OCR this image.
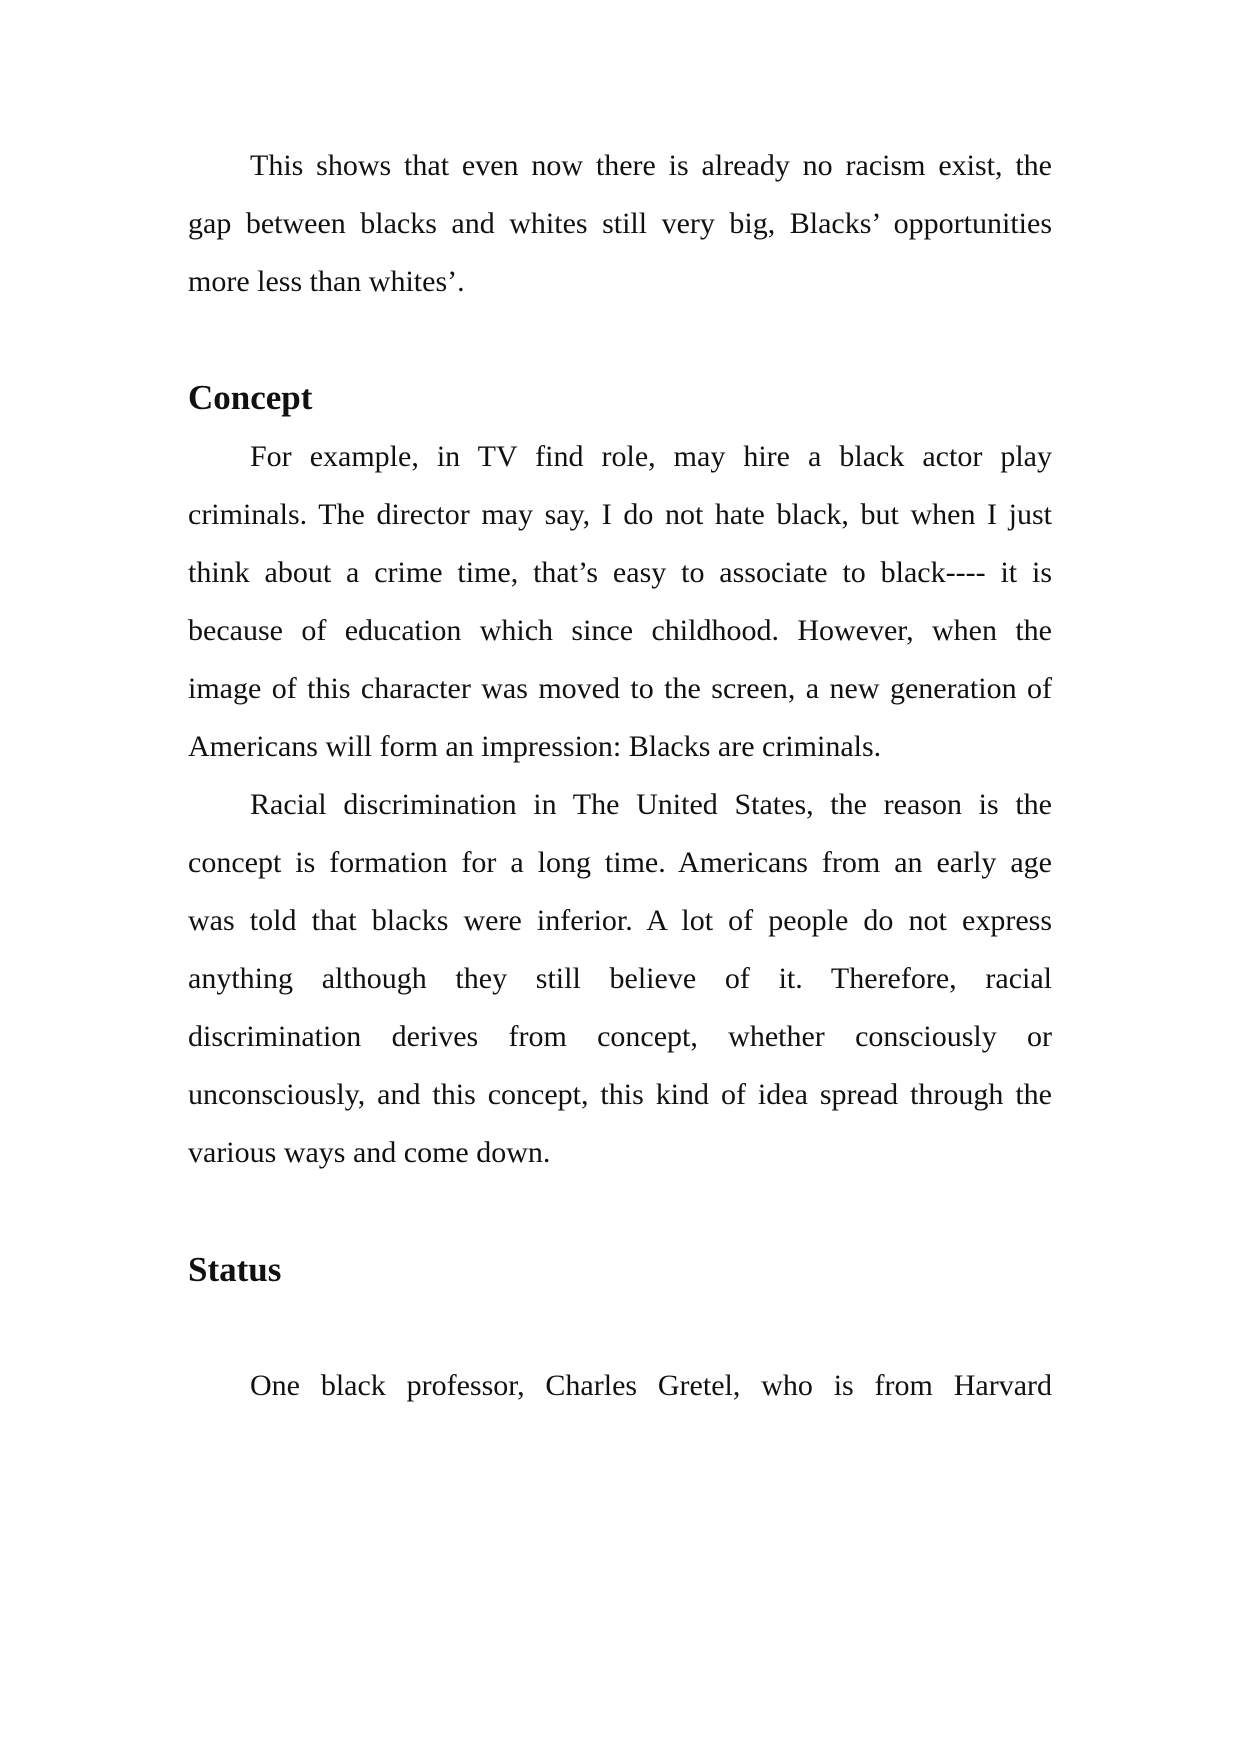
This shows that even now there is already no racism exist, the
gap between blacks and whites still very big, Blacks’ opportunities
more less than whites’.
Concept
For example, in TV find role, may hire a black actor play
criminals. The director may say, I do not hate black, but when I just
think about a crime time, that’s easy to associate to black---- it is
because of education which since childhood. However, when the
image of this character was moved to the screen, a new generation of
Americans will form an impression: Blacks are criminals.
Racial discrimination in The United States, the reason is the
concept is formation for a long time. Americans from an early age
was told that blacks were inferior. A lot of people do not express
anything although they still believe of it. Therefore, racial
discrimination derives from concept, whether consciously or
unconsciously, and this concept, this kind of idea spread through the
various ways and come down.
Status
One black professor, Charles Gretel, who is from Harvard
